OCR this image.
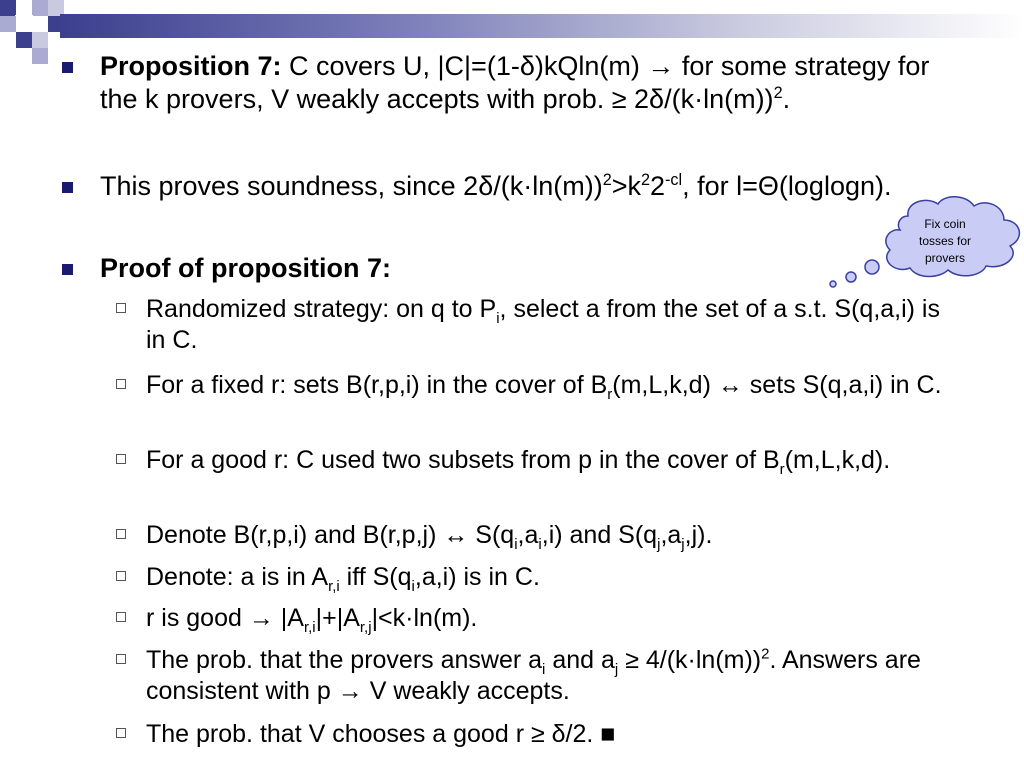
Proposition 7: C covers U, |C|=(1-δ)kQln(m) → for some strategy for the k provers, V weakly accepts with prob. ≥ $2\delta/(k\cdot\ln(m))^2$.
This proves soundness, since $2\delta/(k\cdot\ln(m))^2>k^22^{-cl}$, for l=Θ(loglogn).
Proof of proposition 7:
Randomized strategy: on q to $P_i$, select a from the set of a s.t. S(q,a,i) is in C.
For a fixed r: sets B(r,p,i) in the cover of $B_r(m,L,k,d)$ ↔ sets S(q,a,i) in C.
For a good r: C used two subsets from p in the cover of $B_r(m,L,k,d)$.
Denote B(r,p,i) and B(r,p,j) ↔ $S(q_i,a_i,i)$ and $S(q_j,a_j,j)$.
Denote: a is in $A_{r,i}$ iff $S(q_i,a,i)$ is in C.
r is good → $|A_{r,i}|+|A_{r,j}|<k\cdot\ln(m)$.
The prob. that the provers answer $a_i$ and $a_j \ge 4/(k\cdot\ln(m))^2$. Answers are consistent with p → V weakly accepts.
The prob. that V chooses a good r ≥ δ/2. ■
Fix coin
tosses for
provers
